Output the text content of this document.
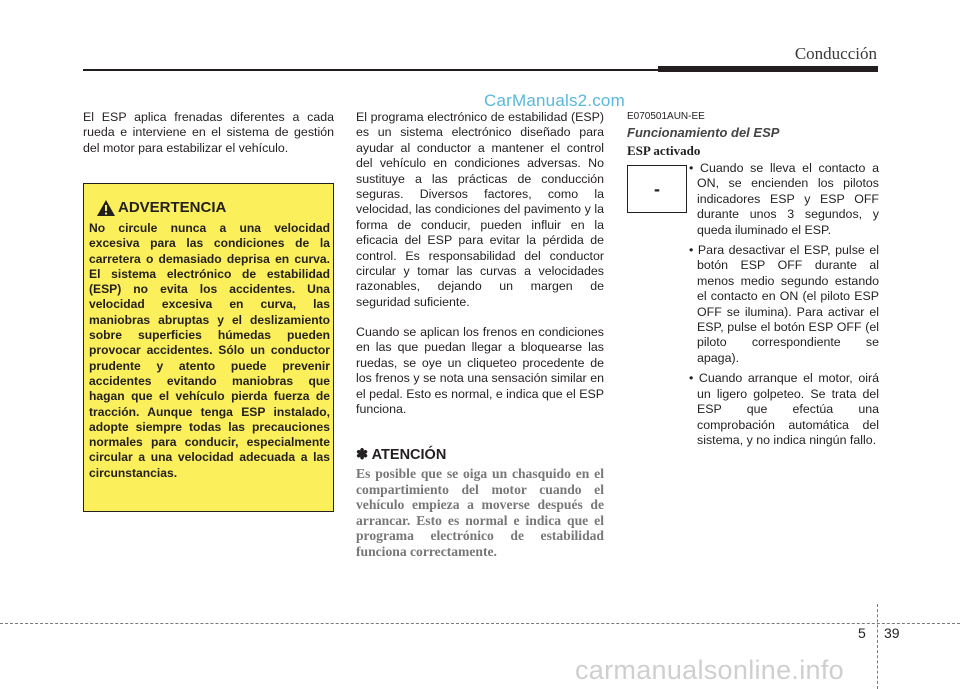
Conducción
CarManuals2.com

El ESP aplica frenadas diferentes a cada rueda e interviene en el sistema de gestión del motor para estabilizar el vehículo.

ADVERTENCIA
No circule nunca a una velocidad excesiva para las condiciones de la carretera o demasiado deprisa en curva. El sistema electrónico de estabilidad (ESP) no evita los accidentes. Una velocidad excesiva en curva, las maniobras abruptas y el deslizamiento sobre superficies húmedas pueden provocar accidentes. Sólo un conductor prudente y atento puede prevenir accidentes evitando maniobras que hagan que el vehículo pierda fuerza de tracción. Aunque tenga ESP instalado, adopte siempre todas las precauciones normales para conducir, especialmente circular a una velocidad adecuada a las circunstancias.

El programa electrónico de estabilidad (ESP) es un sistema electrónico diseñado para ayudar al conductor a mantener el control del vehículo en condiciones adversas. No sustituye a las prácticas de conducción seguras. Diversos factores, como la velocidad, las condiciones del pavimento y la forma de conducir, pueden influir en la eficacia del ESP para evitar la pérdida de control. Es responsabilidad del conductor circular y tomar las curvas a velocidades razonables, dejando un margen de seguridad suficiente.

Cuando se aplican los frenos en condiciones en las que puedan llegar a bloquearse las ruedas, se oye un cliqueteo procedente de los frenos y se nota una sensación similar en el pedal. Esto es normal, e indica que el ESP funciona.

✽ ATENCIÓN

Es posible que se oiga un chasquido en el compartimiento del motor cuando el vehículo empieza a moverse después de arrancar. Esto es normal e indica que el programa electrónico de estabilidad funciona correctamente.

E070501AUN-EE
Funcionamiento del ESP
ESP activado
-
• Cuando se lleva el contacto a ON, se encienden los pilotos indicadores ESP y ESP OFF durante unos 3 segundos, y queda iluminado el ESP.
• Para desactivar el ESP, pulse el botón ESP OFF durante al menos medio segundo estando el contacto en ON (el piloto ESP OFF se ilumina). Para activar el ESP, pulse el botón ESP OFF (el piloto correspondiente se apaga).
• Cuando arranque el motor, oirá un ligero golpeteo. Se trata del ESP que efectúa una comprobación automática del sistema, y no indica ningún fallo.
5 39
carmanualsonline.info
